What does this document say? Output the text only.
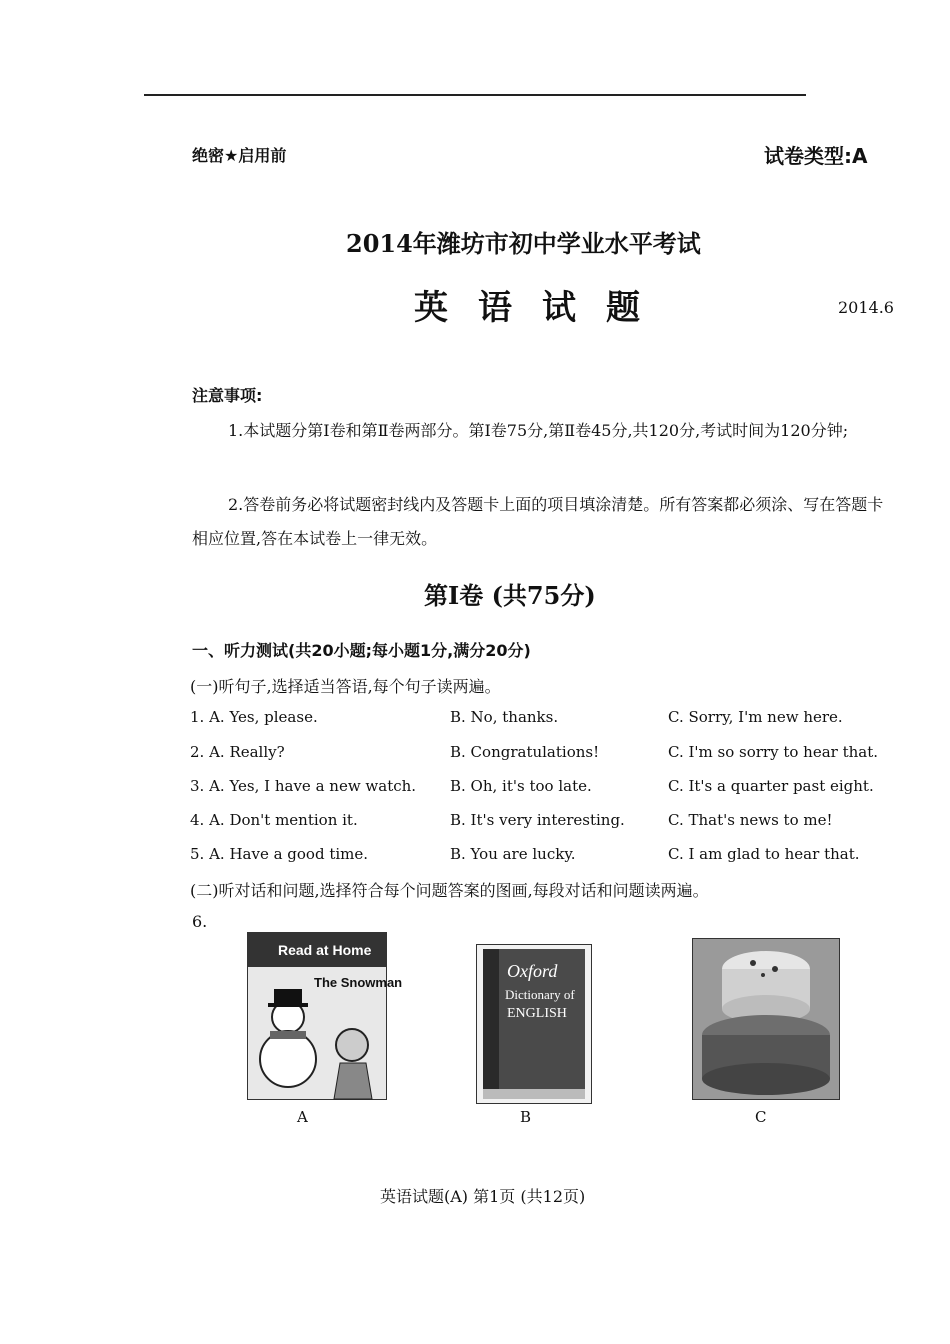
绝密★启用前	试卷类型:A
2014年潍坊市初中学业水平考试
英语试题	2014.6
注意事项:
1.本试题分第Ⅰ卷和第Ⅱ卷两部分。第Ⅰ卷75分,第Ⅱ卷45分,共120分,考试时间为120分钟;
2.答卷前务必将试题密封线内及答题卡上面的项目填涂清楚。所有答案都必须涂、写在答题卡相应位置,答在本试卷上一律无效。
第Ⅰ卷 (共75分)
一、听力测试(共20小题;每小题1分,满分20分)
(一)听句子,选择适当答语,每个句子读两遍。
1. A. Yes, please.	B. No, thanks.	C. Sorry, I'm new here.
2. A. Really?	B. Congratulations!	C. I'm so sorry to hear that.
3. A. Yes, I have a new watch. B. Oh, it's too late.	C. It's a quarter past eight.
4. A. Don't mention it.	B. It's very interesting.	C. That's news to me!
5. A. Have a good time.	B. You are lucky.	C. I am glad to hear that.
(二)听对话和问题,选择符合每个问题答案的图画,每段对话和问题读两遍。
6.
Read at Home
The Snowman
A
Oxford
Dictionary of
ENGLISH
B	C
英语试题(A) 第1页 (共12页)
